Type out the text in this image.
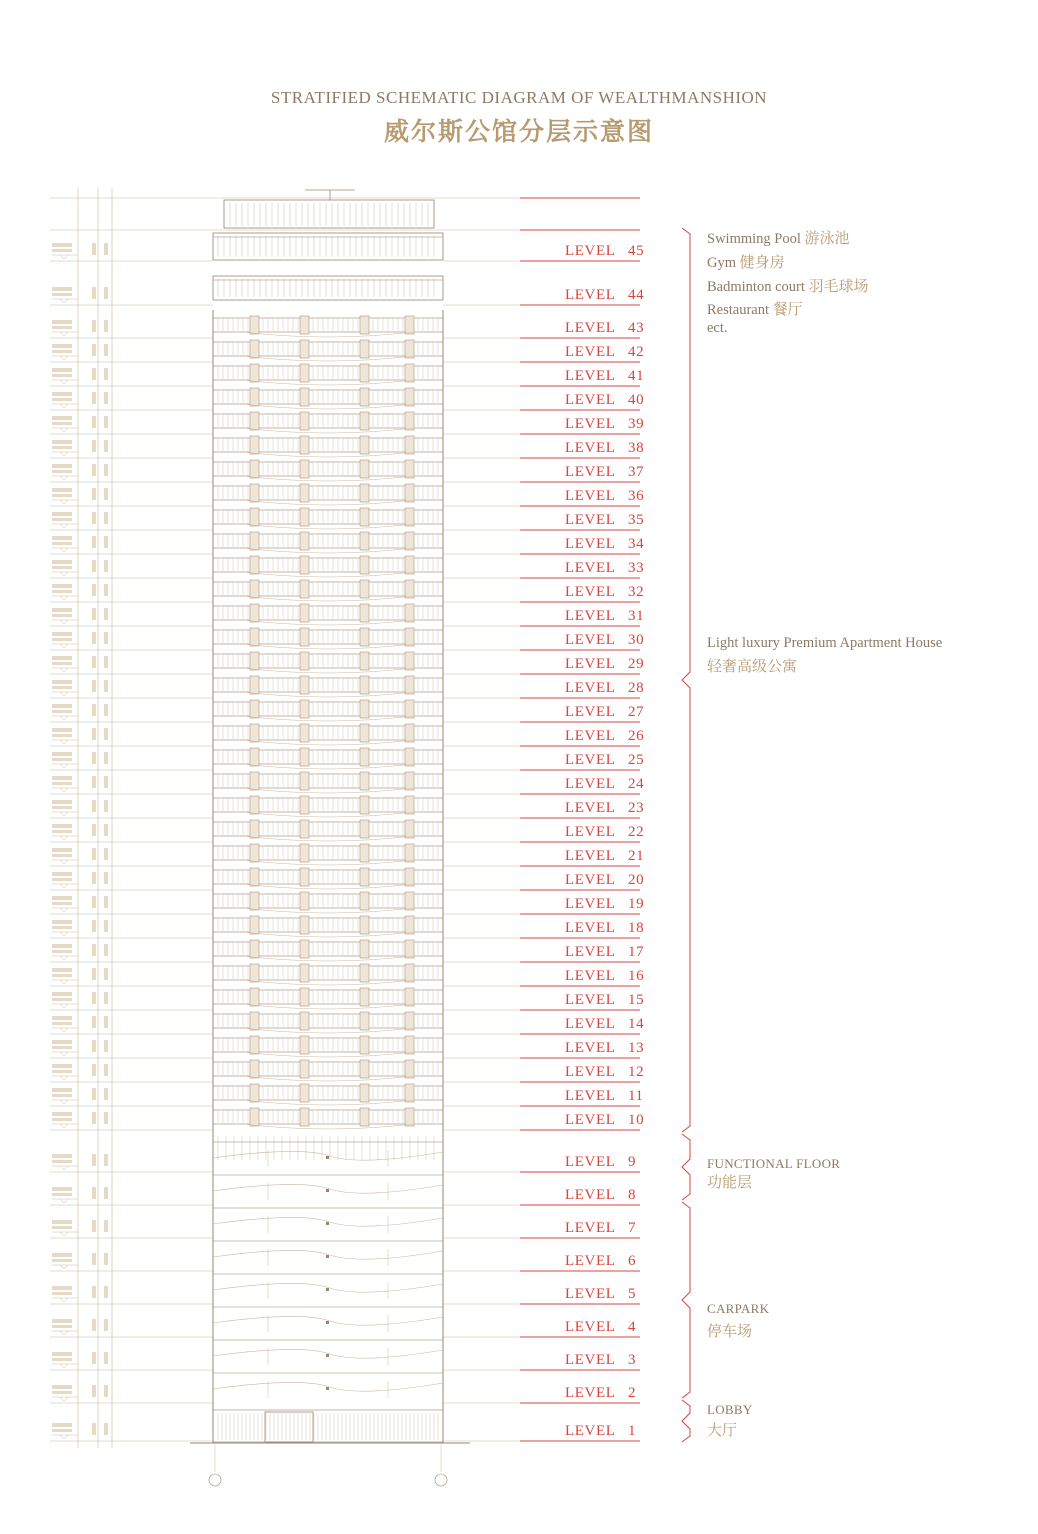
STRATIFIED SCHEMATIC DIAGRAM OF WEALTHMANSHION
威尔斯公馆分层示意图
LEVEL   45
LEVEL   44
LEVEL   43
LEVEL   42
LEVEL   41
LEVEL   40
LEVEL   39
LEVEL   38
LEVEL   37
LEVEL   36
LEVEL   35
LEVEL   34
LEVEL   33
LEVEL   32
LEVEL   31
LEVEL   30
LEVEL   29
LEVEL   28
LEVEL   27
LEVEL   26
LEVEL   25
LEVEL   24
LEVEL   23
LEVEL   22
LEVEL   21
LEVEL   20
LEVEL   19
LEVEL   18
LEVEL   17
LEVEL   16
LEVEL   15
LEVEL   14
LEVEL   13
LEVEL   12
LEVEL   11
LEVEL   10
LEVEL   9
LEVEL   8
LEVEL   7
LEVEL   6
LEVEL   5
LEVEL   4
LEVEL   3
LEVEL   2
LEVEL   1
Swimming Pool 游泳池
Gym 健身房
Badminton court 羽毛球场
Restaurant 餐厅
ect.
Light luxury Premium Apartment House
轻奢高级公寓
FUNCTIONAL FLOOR
功能层
CARPARK
停车场
LOBBY
大厅
